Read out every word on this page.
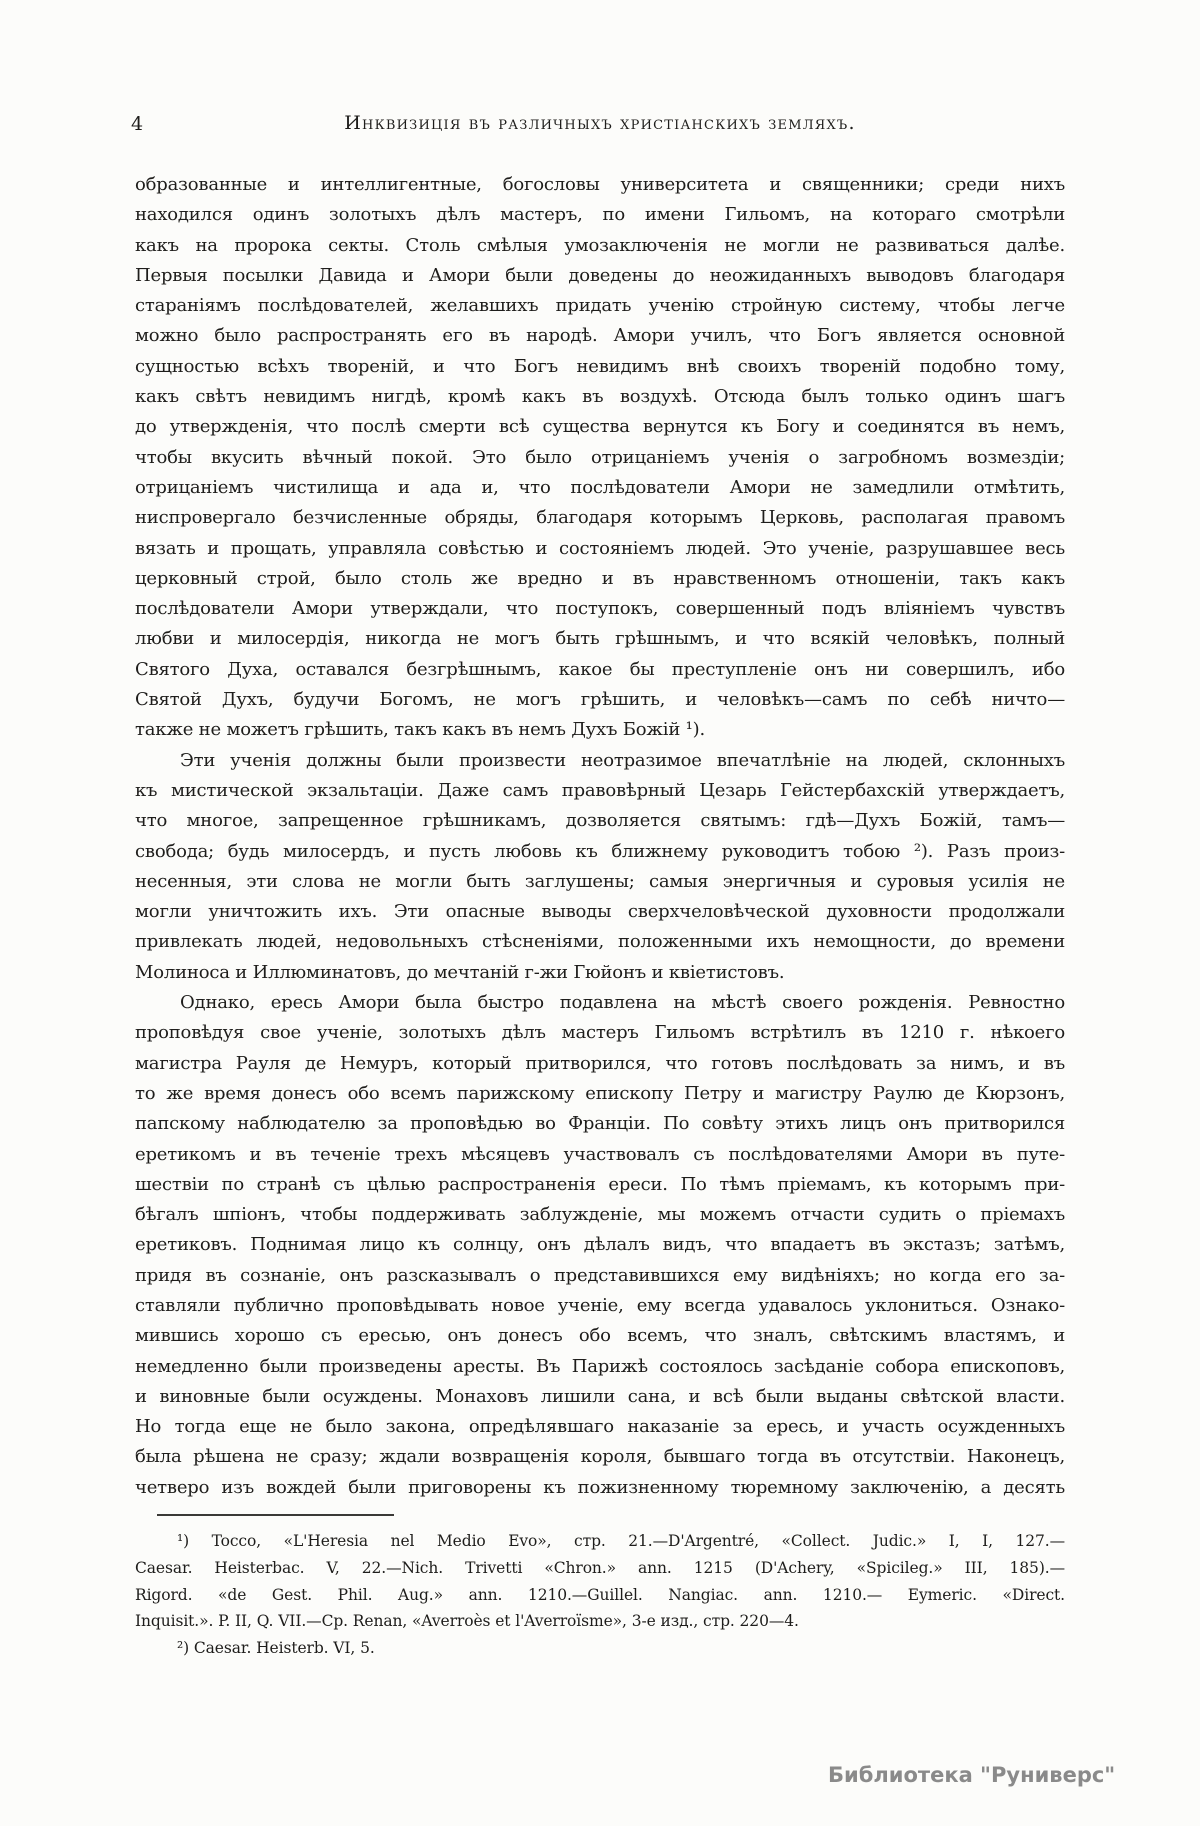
4	Инквизиція въ различныхъ христіанскихъ земляхъ.
образованные и интеллигентные, богословы университета и священники; среди нихъ
находился одинъ золотыхъ дѣлъ мастеръ, по имени Гильомъ, на котораго смотрѣли
какъ на пророка секты. Столь смѣлыя умозаключенія не могли не развиваться далѣе.
Первыя посылки Давида и Амори были доведены до неожиданныхъ выводовъ благодаря
стараніямъ послѣдователей, желавшихъ придать ученію стройную систему, чтобы легче
можно было распространять его въ народѣ. Амори училъ, что Богъ является основной
сущностью всѣхъ твореній, и что Богъ невидимъ внѣ своихъ твореній подобно тому,
какъ свѣтъ невидимъ нигдѣ, кромѣ какъ въ воздухѣ. Отсюда былъ только одинъ шагъ
до утвержденія, что послѣ смерти всѣ существа вернутся къ Богу и соединятся въ немъ,
чтобы вкусить вѣчный покой. Это было отрицаніемъ ученія о загробномъ возмездіи;
отрицаніемъ чистилища и ада и, что послѣдователи Амори не замедлили отмѣтить,
ниспровергало безчисленные обряды, благодаря которымъ Церковь, располагая правомъ
вязать и прощать, управляла совѣстью и состояніемъ людей. Это ученіе, разрушавшее весь
церковный строй, было столь же вредно и въ нравственномъ отношеніи, такъ какъ
послѣдователи Амори утверждали, что поступокъ, совершенный подъ вліяніемъ чувствъ
любви и милосердія, никогда не могъ быть грѣшнымъ, и что всякій человѣкъ, полный
Святого Духа, оставался безгрѣшнымъ, какое бы преступленіе онъ ни совершилъ, ибо
Святой Духъ, будучи Богомъ, не могъ грѣшить, и человѣкъ—самъ по себѣ ничто—
также не можетъ грѣшить, такъ какъ въ немъ Духъ Божій ¹).
Эти ученія должны были произвести неотразимое впечатлѣніе на людей, склонныхъ
къ мистической экзальтаціи. Даже самъ правовѣрный Цезарь Гейстербахскій утверждаетъ,
что многое, запрещенное грѣшникамъ, дозволяется святымъ: гдѣ—Духъ Божій, тамъ—
свобода; будь милосердъ, и пусть любовь къ ближнему руководитъ тобою ²). Разъ произ-
несенныя, эти слова не могли быть заглушены; самыя энергичныя и суровыя усилія не
могли уничтожить ихъ. Эти опасные выводы сверхчеловѣческой духовности продолжали
привлекать людей, недовольныхъ стѣсненіями, положенными ихъ немощности, до времени
Молиноса и Иллюминатовъ, до мечтаній г-жи Гюйонъ и квіетистовъ.
Однако, ересь Амори была быстро подавлена на мѣстѣ своего рожденія. Ревностно
проповѣдуя свое ученіе, золотыхъ дѣлъ мастеръ Гильомъ встрѣтилъ въ 1210 г. нѣкоего
магистра Рауля де Немуръ, который притворился, что готовъ послѣдовать за нимъ, и въ
то же время донесъ обо всемъ парижскому епископу Петру и магистру Раулю де Кюрзонъ,
папскому наблюдателю за проповѣдью во Франціи. По совѣту этихъ лицъ онъ притворился
еретикомъ и въ теченіе трехъ мѣсяцевъ участвовалъ съ послѣдователями Амори въ путе-
шествіи по странѣ съ цѣлью распространенія ереси. По тѣмъ пріемамъ, къ которымъ при-
бѣгалъ шпіонъ, чтобы поддерживать заблужденіе, мы можемъ отчасти судить о пріемахъ
еретиковъ. Поднимая лицо къ солнцу, онъ дѣлалъ видъ, что впадаетъ въ экстазъ; затѣмъ,
придя въ сознаніе, онъ разсказывалъ о представившихся ему видѣніяхъ; но когда его за-
ставляли публично проповѣдывать новое ученіе, ему всегда удавалось уклониться. Ознако-
мившись хорошо съ ересью, онъ донесъ обо всемъ, что зналъ, свѣтскимъ властямъ, и
немедленно были произведены аресты. Въ Парижѣ состоялось засѣданіе собора епископовъ,
и виновные были осуждены. Монаховъ лишили сана, и всѣ были выданы свѣтской власти.
Но тогда еще не было закона, опредѣлявшаго наказаніе за ересь, и участь осужденныхъ
была рѣшена не сразу; ждали возвращенія короля, бывшаго тогда въ отсутствіи. Наконецъ,
четверо изъ вождей были приговорены къ пожизненному тюремному заключенію, а десять
¹) Tocco, «L'Heresia nel Medio Evo», стр. 21.—D'Argentré, «Collect. Judic.» I, I, 127.—
Caesar. Heisterbac. V, 22.—Nich. Trivetti «Chron.» ann. 1215 (D'Achery, «Spicileg.» III, 185).—
Rigord. «de Gest. Phil. Aug.» ann. 1210.—Guillel. Nangiac. ann. 1210.— Eymeric. «Direct.
Inquisit.». P. II, Q. VII.—Ср. Renan, «Averroès et l'Averroïsme», 3-е изд., стр. 220—4.
²) Caesar. Heisterb. VI, 5.
Библиотека "Руниверс"
